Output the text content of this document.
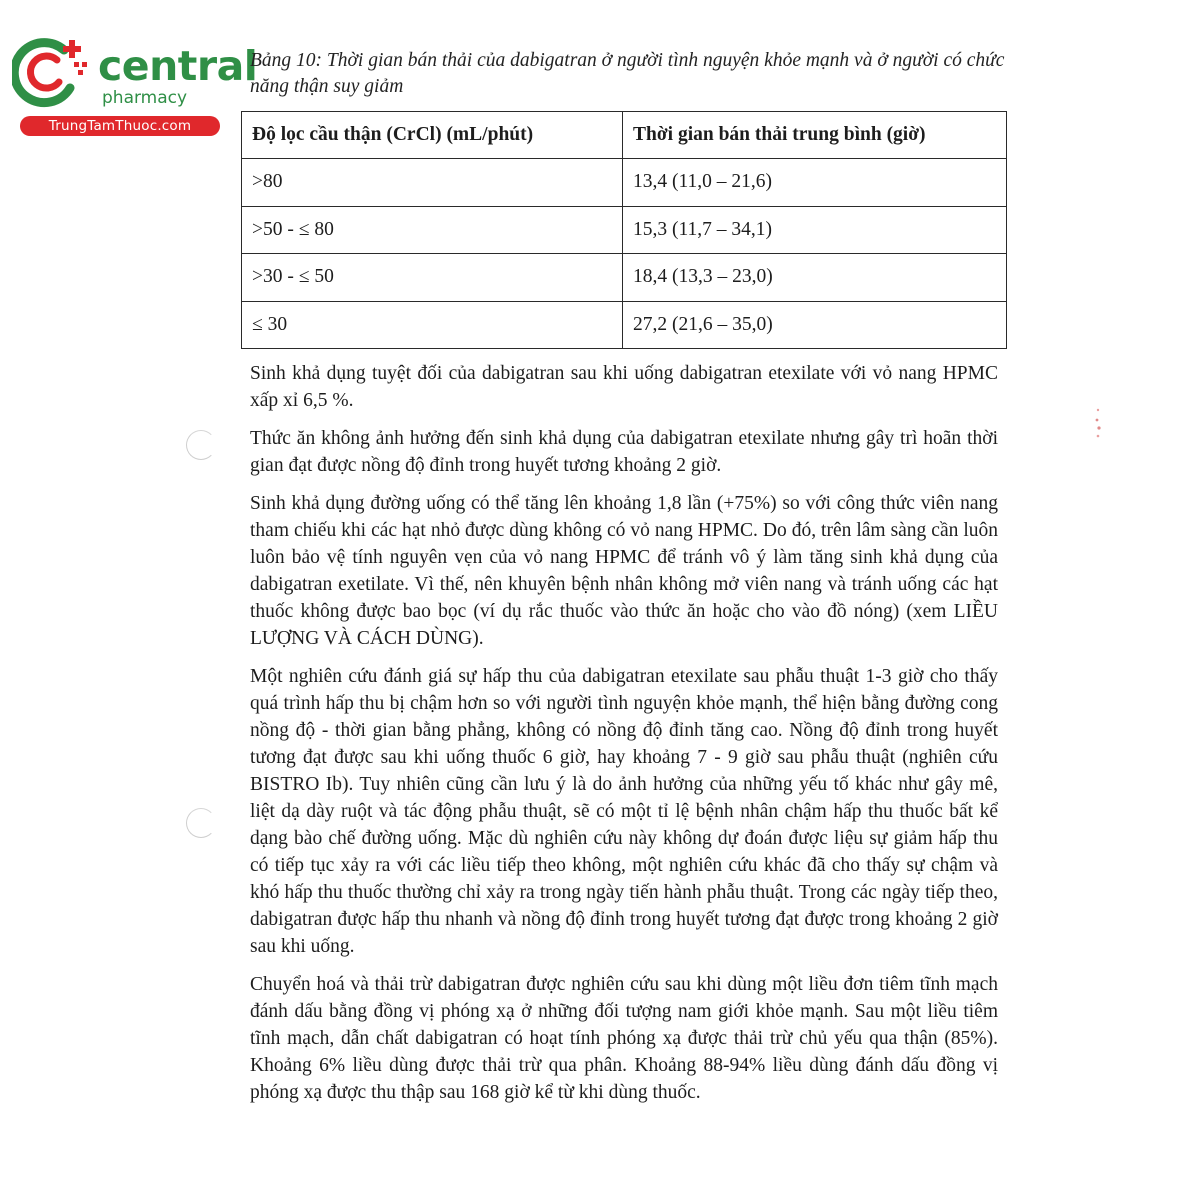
central
pharmacy
TrungTamThuoc.com
Bảng 10: Thời gian bán thải của dabigatran ở người tình nguyện khỏe mạnh và ở người có chức năng thận suy giảm
Độ lọc cầu thận (CrCl) (mL/phút)	Thời gian bán thải trung bình (giờ)
>80	13,4 (11,0 – 21,6)
>50 - ≤ 80	15,3 (11,7 – 34,1)
>30 - ≤ 50	18,4 (13,3 – 23,0)
≤ 30	27,2 (21,6 – 35,0)

Sinh khả dụng tuyệt đối của dabigatran sau khi uống dabigatran etexilate với vỏ nang HPMC xấp xỉ 6,5 %.

Thức ăn không ảnh hưởng đến sinh khả dụng của dabigatran etexilate nhưng gây trì hoãn thời gian đạt được nồng độ đỉnh trong huyết tương khoảng 2 giờ.

Sinh khả dụng đường uống có thể tăng lên khoảng 1,8 lần (+75%) so với công thức viên nang tham chiếu khi các hạt nhỏ được dùng không có vỏ nang HPMC. Do đó, trên lâm sàng cần luôn luôn bảo vệ tính nguyên vẹn của vỏ nang HPMC để tránh vô ý làm tăng sinh khả dụng của dabigatran exetilate. Vì thế, nên khuyên bệnh nhân không mở viên nang và tránh uống các hạt thuốc không được bao bọc (ví dụ rắc thuốc vào thức ăn hoặc cho vào đồ nóng) (xem LIỀU LƯỢNG VÀ CÁCH DÙNG).

Một nghiên cứu đánh giá sự hấp thu của dabigatran etexilate sau phẫu thuật 1-3 giờ cho thấy quá trình hấp thu bị chậm hơn so với người tình nguyện khỏe mạnh, thể hiện bằng đường cong nồng độ - thời gian bằng phẳng, không có nồng độ đỉnh tăng cao. Nồng độ đỉnh trong huyết tương đạt được sau khi uống thuốc 6 giờ, hay khoảng 7 - 9 giờ sau phẫu thuật (nghiên cứu BISTRO Ib). Tuy nhiên cũng cần lưu ý là do ảnh hưởng của những yếu tố khác như gây mê, liệt dạ dày ruột và tác động phẫu thuật, sẽ có một tỉ lệ bệnh nhân chậm hấp thu thuốc bất kể dạng bào chế đường uống. Mặc dù nghiên cứu này không dự đoán được liệu sự giảm hấp thu có tiếp tục xảy ra với các liều tiếp theo không, một nghiên cứu khác đã cho thấy sự chậm và khó hấp thu thuốc thường chỉ xảy ra trong ngày tiến hành phẫu thuật. Trong các ngày tiếp theo, dabigatran được hấp thu nhanh và nồng độ đỉnh trong huyết tương đạt được trong khoảng 2 giờ sau khi uống.

Chuyển hoá và thải trừ dabigatran được nghiên cứu sau khi dùng một liều đơn tiêm tĩnh mạch đánh dấu bằng đồng vị phóng xạ ở những đối tượng nam giới khỏe mạnh. Sau một liều tiêm tĩnh mạch, dẫn chất dabigatran có hoạt tính phóng xạ được thải trừ chủ yếu qua thận (85%). Khoảng 6% liều dùng được thải trừ qua phân. Khoảng 88-94% liều dùng đánh dấu đồng vị phóng xạ được thu thập sau 168 giờ kể từ khi dùng thuốc.
